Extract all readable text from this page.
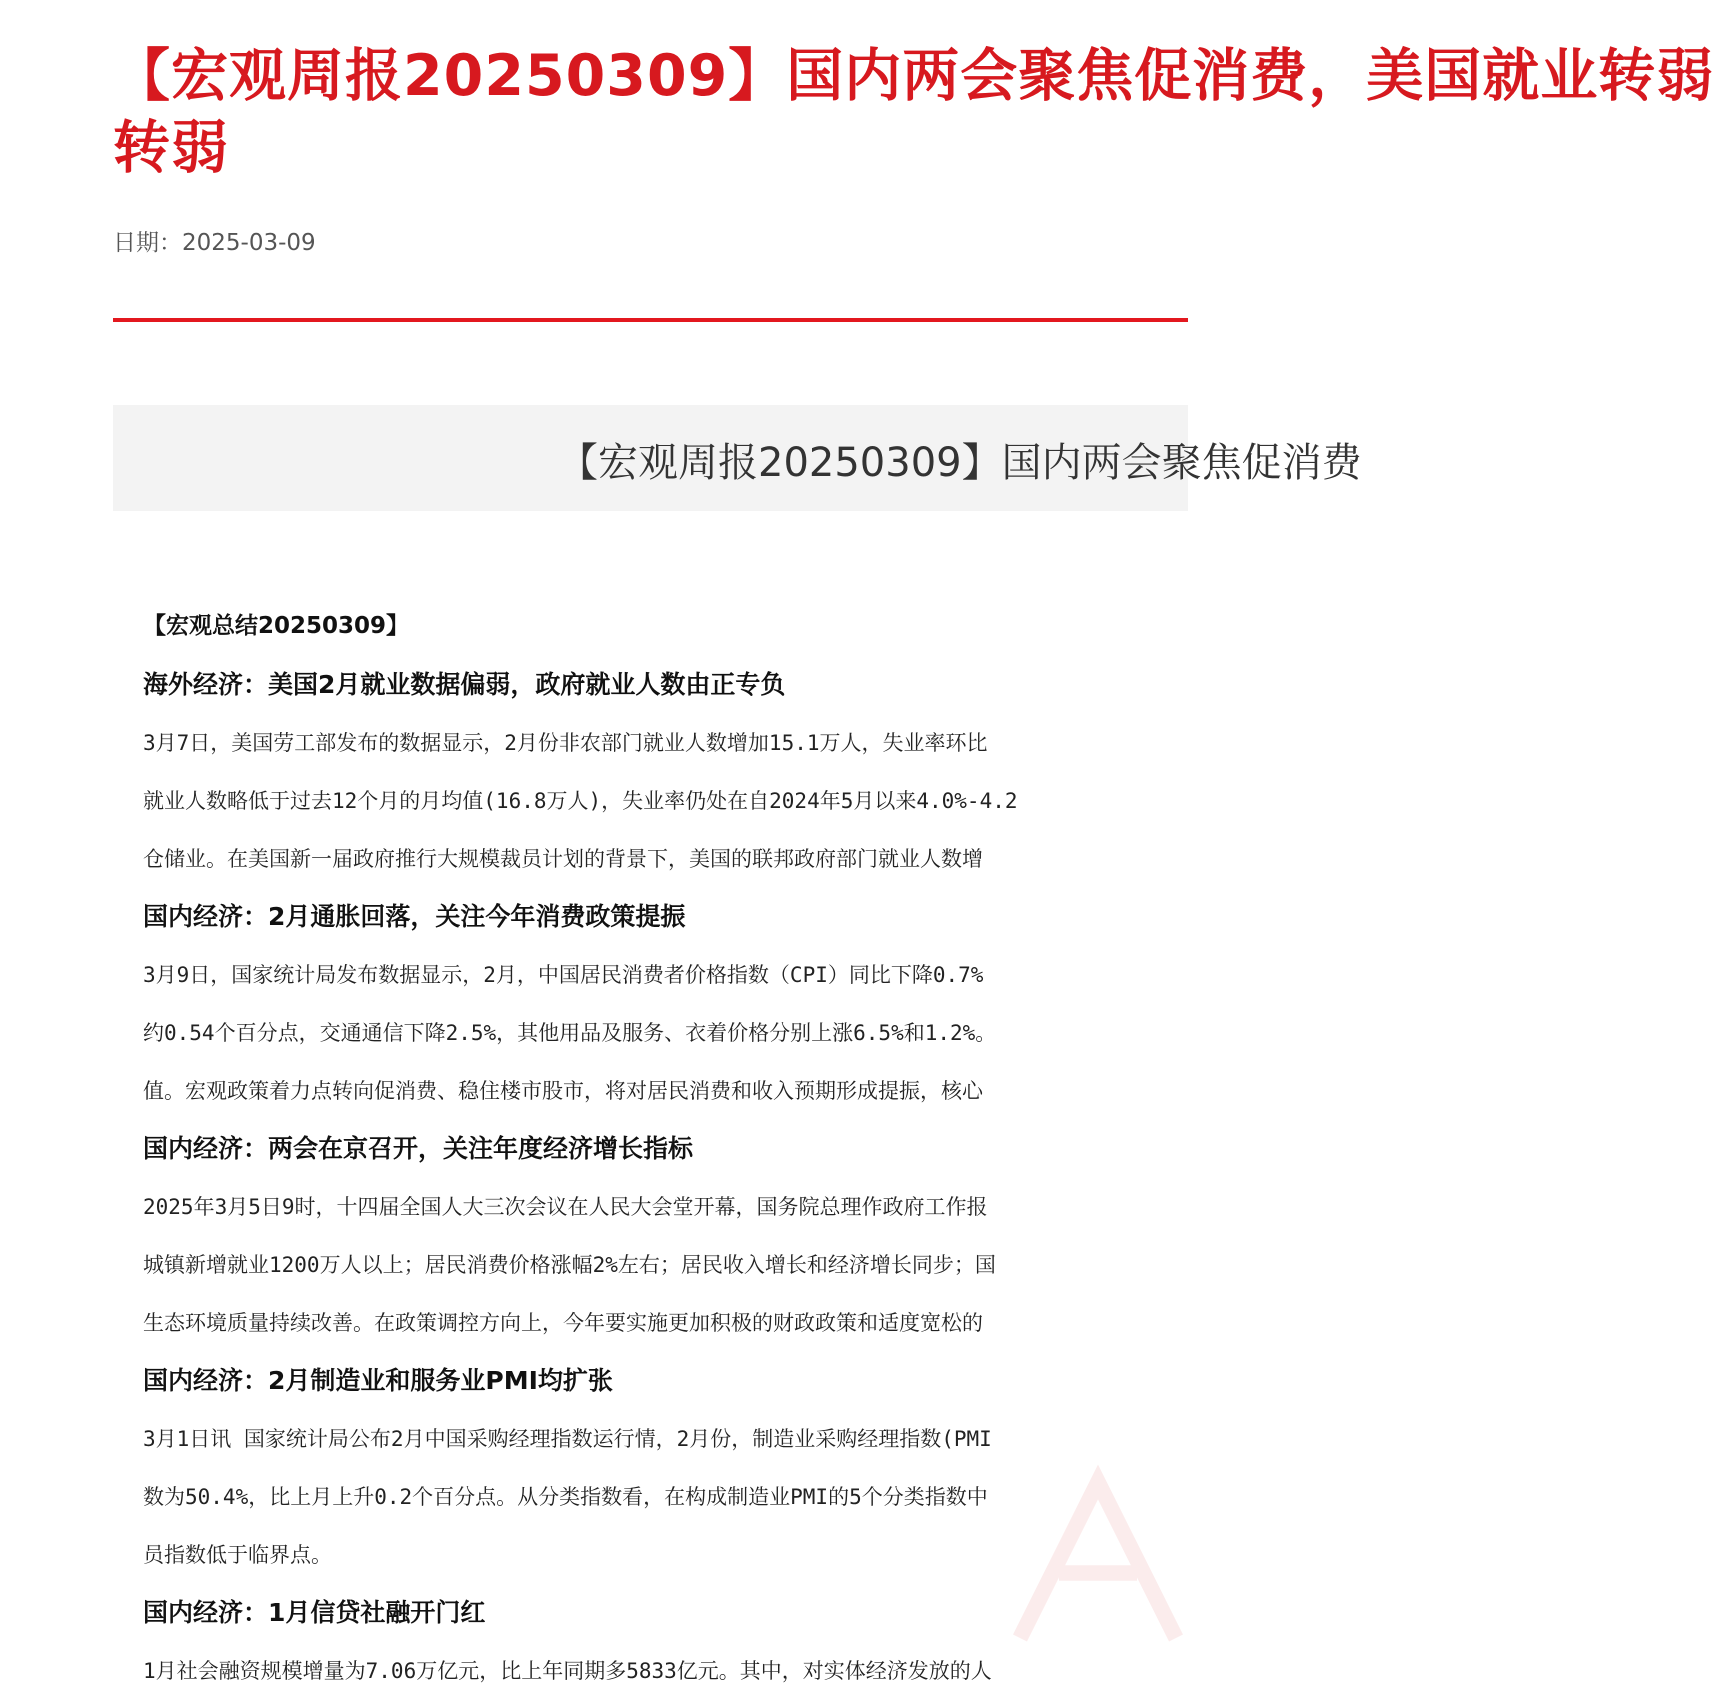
【宏观周报20250309】国内两会聚焦促消费，美国就业转弱
转弱
日期：2025-03-09
【宏观周报20250309】国内两会聚焦促消费
【宏观总结20250309】
海外经济：美国2月就业数据偏弱，政府就业人数由正专负
3月7日，美国劳工部发布的数据显示，2月份非农部门就业人数增加15.1万人，失业率环比
就业人数略低于过去12个月的月均值(16.8万人)，失业率仍处在自2024年5月以来4.0%-4.2
仓储业。在美国新一届政府推行大规模裁员计划的背景下，美国的联邦政府部门就业人数增
国内经济：2月通胀回落，关注今年消费政策提振
3月9日，国家统计局发布数据显示，2月，中国居民消费者价格指数（CPI）同比下降0.7%
约0.54个百分点，交通通信下降2.5%，其他用品及服务、衣着价格分别上涨6.5%和1.2%。
值。宏观政策着力点转向促消费、稳住楼市股市，将对居民消费和收入预期形成提振，核心
国内经济：两会在京召开，关注年度经济增长指标
2025年3月5日9时，十四届全国人大三次会议在人民大会堂开幕，国务院总理作政府工作报
城镇新增就业1200万人以上；居民消费价格涨幅2%左右；居民收入增长和经济增长同步；国
生态环境质量持续改善。在政策调控方向上，今年要实施更加积极的财政政策和适度宽松的
国内经济：2月制造业和服务业PMI均扩张
3月1日讯 国家统计局公布2月中国采购经理指数运行情，2月份，制造业采购经理指数(PMI
数为50.4%，比上月上升0.2个百分点。从分类指数看，在构成制造业PMI的5个分类指数中
员指数低于临界点。
国内经济：1月信贷社融开门红
1月社会融资规模增量为7.06万亿元，比上年同期多5833亿元。其中，对实体经济发放的人
